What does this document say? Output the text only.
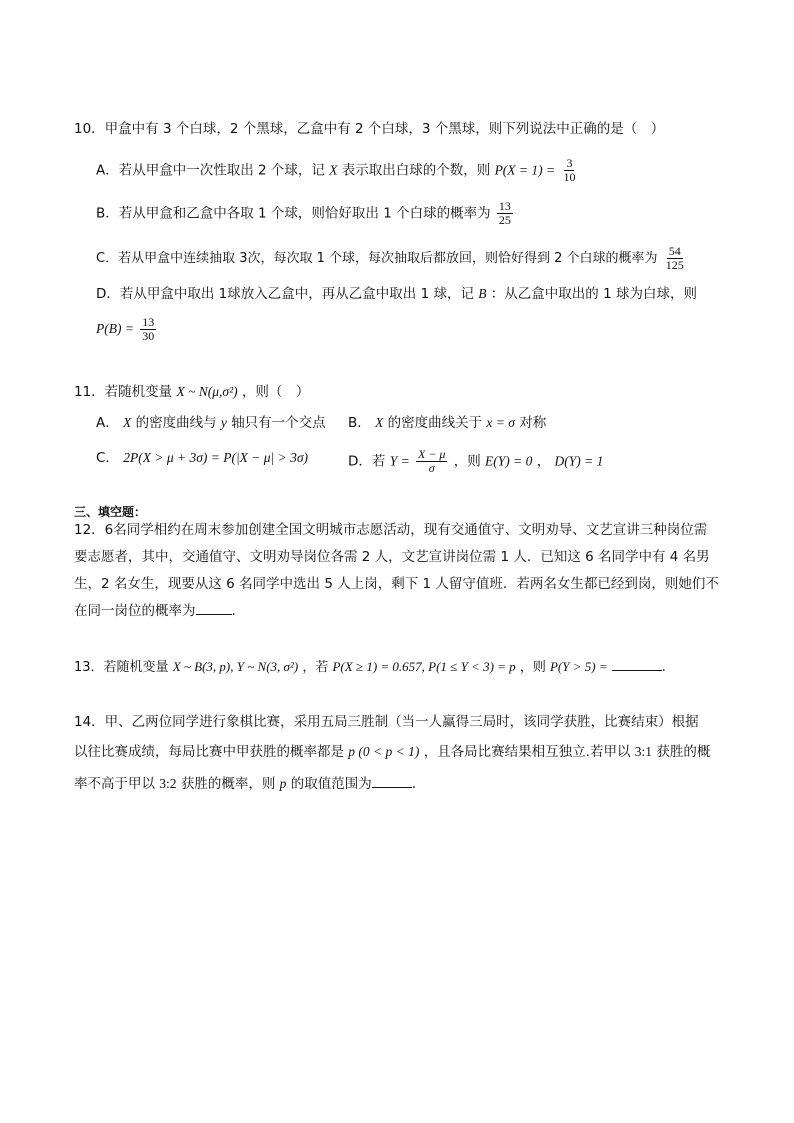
10．甲盒中有 3 个白球，2 个黑球，乙盒中有 2 个白球，3 个黑球，则下列说法中正确的是（　）
A．若从甲盒中一次性取出 2 个球，记 X 表示取出白球的个数，则 $P(X = 1) = \frac{3}{10}$
B．若从甲盒和乙盒中各取 1 个球，则恰好取出 1 个白球的概率为 $\frac{13}{25}$
C．若从甲盒中连续抽取 3次，每次取 1 个球，每次抽取后都放回，则恰好得到 2 个白球的概率为 $\frac{54}{125}$
D．若从甲盒中取出 1球放入乙盒中，再从乙盒中取出 1 球，记 B ：从乙盒中取出的 1 球为白球，则
$P(B) = \frac{13}{30}$
11．若随机变量 X ~ N(μ,σ²) ，则（　）
A． X 的密度曲线与 y 轴只有一个交点 B． X 的密度曲线关于 x = σ 对称
C． 2P(X > μ + 3σ) = P(|X − μ| > 3σ)	D．若 $Y = \frac{X - \mu}{\sigma}$ ，则 E(Y) = 0 ， D(Y) = 1
三、填空题：
12．6名同学相约在周末参加创建全国文明城市志愿活动，现有交通值守、文明劝导、文艺宣讲三种岗位需
要志愿者，其中，交通值守、文明劝导岗位各需 2 人，文艺宣讲岗位需 1 人．已知这 6 名同学中有 4 名男
生，2 名女生，现要从这 6 名同学中选出 5 人上岗，剩下 1 人留守值班．若两名女生都已经到岗，则她们不
在同一岗位的概率为	.
13．若随机变量 X ~ B(3, p), Y ~ N(3, σ²) ，若 P(X ≥ 1) = 0.657, P(1 ≤ Y < 3) = p ，则 P(Y > 5) =	.
14．甲、乙两位同学进行象棋比赛，采用五局三胜制（当一人赢得三局时，该同学获胜，比赛结束）根据
以往比赛成绩，每局比赛中甲获胜的概率都是 p (0 < p < 1) ，且各局比赛结果相互独立.若甲以 3:1 获胜的概
率不高于甲以 3:2 获胜的概率，则 p 的取值范围为	.
